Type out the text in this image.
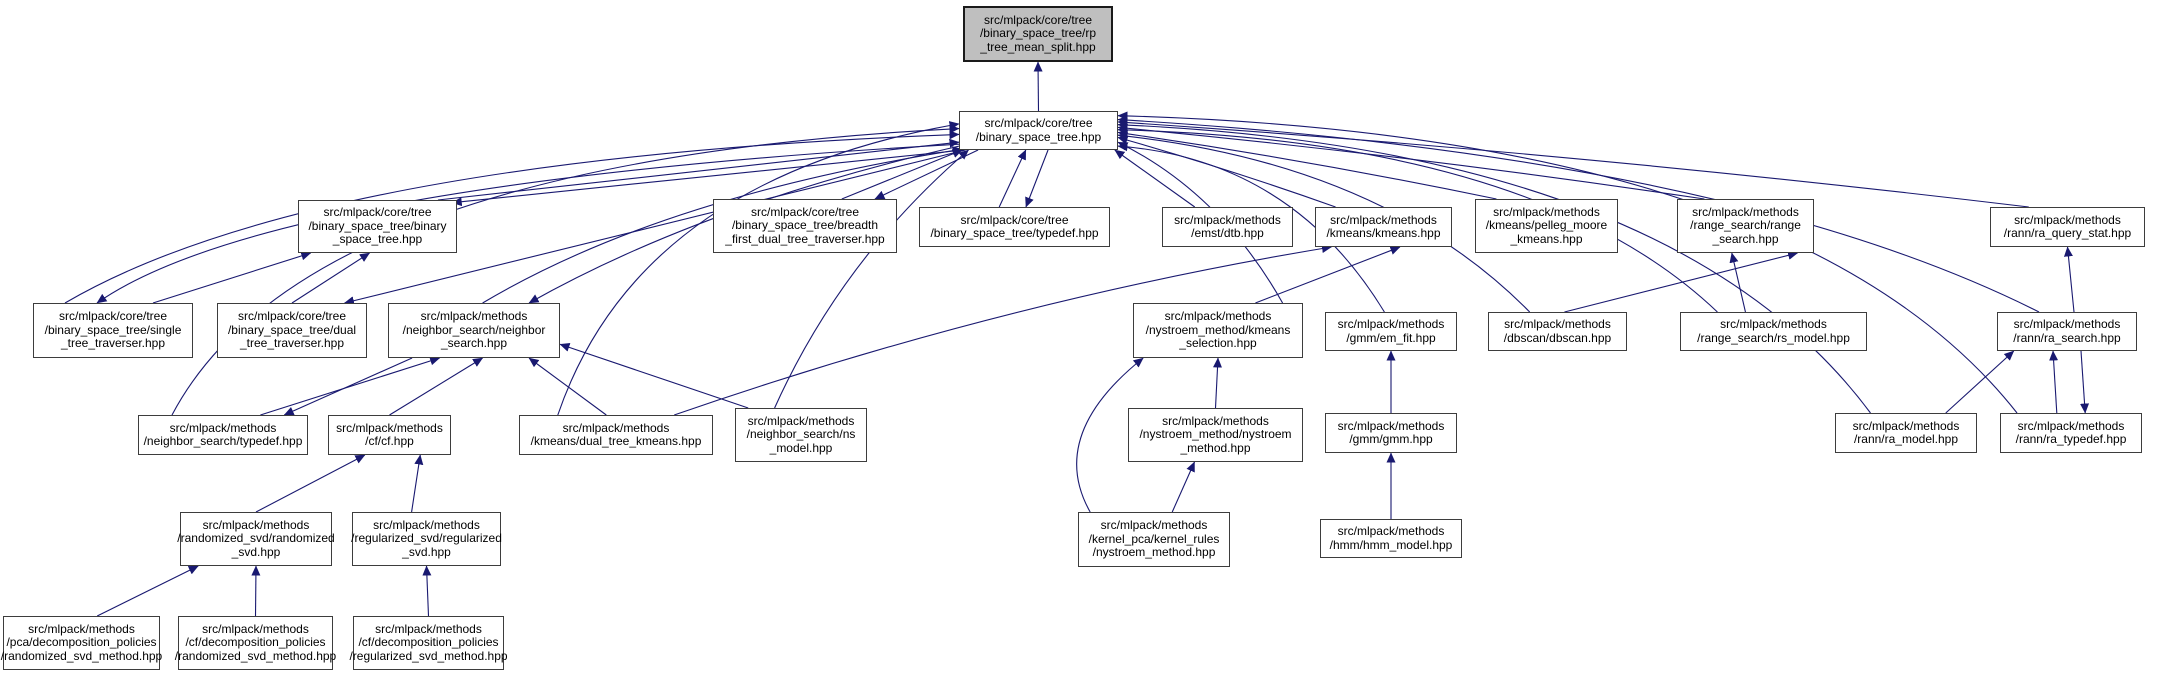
src/mlpack/core/tree
/binary_space_tree/rp
_tree_mean_split.hpp
src/mlpack/core/tree
/binary_space_tree.hpp
src/mlpack/core/tree
/binary_space_tree/binary
_space_tree.hpp
src/mlpack/core/tree
/binary_space_tree/breadth
_first_dual_tree_traverser.hpp
src/mlpack/core/tree
/binary_space_tree/typedef.hpp
src/mlpack/methods
/emst/dtb.hpp
src/mlpack/methods
/kmeans/kmeans.hpp
src/mlpack/methods
/kmeans/pelleg_moore
_kmeans.hpp
src/mlpack/methods
/range_search/range
_search.hpp
src/mlpack/methods
/rann/ra_query_stat.hpp
src/mlpack/core/tree
/binary_space_tree/single
_tree_traverser.hpp
src/mlpack/core/tree
/binary_space_tree/dual
_tree_traverser.hpp
src/mlpack/methods
/neighbor_search/neighbor
_search.hpp
src/mlpack/methods
/nystroem_method/kmeans
_selection.hpp
src/mlpack/methods
/gmm/em_fit.hpp
src/mlpack/methods
/dbscan/dbscan.hpp
src/mlpack/methods
/range_search/rs_model.hpp
src/mlpack/methods
/rann/ra_search.hpp
src/mlpack/methods
/neighbor_search/typedef.hpp
src/mlpack/methods
/cf/cf.hpp
src/mlpack/methods
/kmeans/dual_tree_kmeans.hpp
src/mlpack/methods
/neighbor_search/ns
_model.hpp
src/mlpack/methods
/nystroem_method/nystroem
_method.hpp
src/mlpack/methods
/gmm/gmm.hpp
src/mlpack/methods
/rann/ra_model.hpp
src/mlpack/methods
/rann/ra_typedef.hpp
src/mlpack/methods
/randomized_svd/randomized
_svd.hpp
src/mlpack/methods
/regularized_svd/regularized
_svd.hpp
src/mlpack/methods
/kernel_pca/kernel_rules
/nystroem_method.hpp
src/mlpack/methods
/hmm/hmm_model.hpp
src/mlpack/methods
/pca/decomposition_policies
/randomized_svd_method.hpp
src/mlpack/methods
/cf/decomposition_policies
/randomized_svd_method.hpp
src/mlpack/methods
/cf/decomposition_policies
/regularized_svd_method.hpp
